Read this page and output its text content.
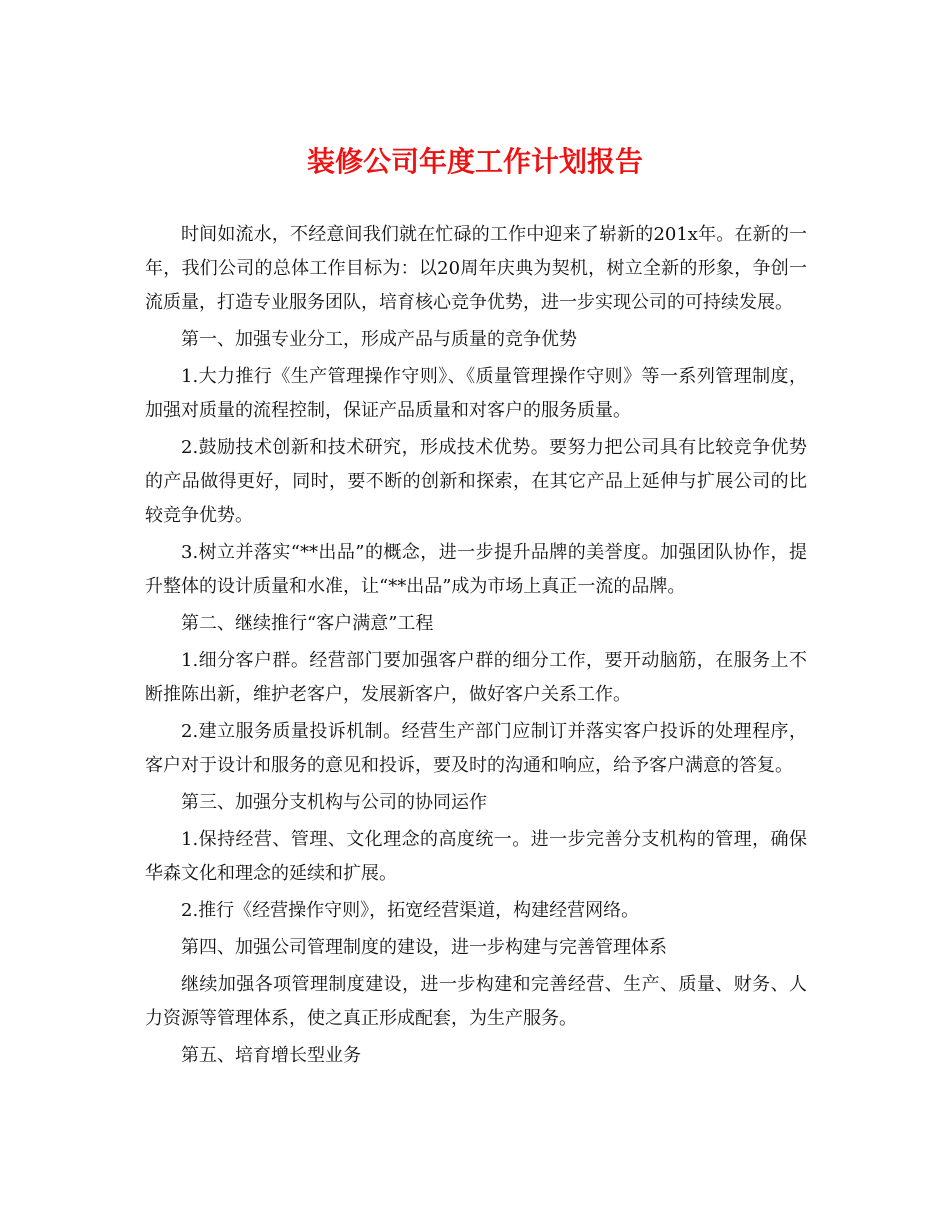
装修公司年度工作计划报告

时间如流水，不经意间我们就在忙碌的工作中迎来了崭新的201x年。在新的一年，我们公司的总体工作目标为：以20周年庆典为契机，树立全新的形象，争创一流质量，打造专业服务团队，培育核心竞争优势，进一步实现公司的可持续发展。

第一、加强专业分工，形成产品与质量的竞争优势

1.大力推行《生产管理操作守则》、《质量管理操作守则》等一系列管理制度，加强对质量的流程控制，保证产品质量和对客户的服务质量。

2.鼓励技术创新和技术研究，形成技术优势。要努力把公司具有比较竞争优势的产品做得更好，同时，要不断的创新和探索，在其它产品上延伸与扩展公司的比较竞争优势。

3.树立并落实“**出品”的概念，进一步提升品牌的美誉度。加强团队协作，提升整体的设计质量和水准，让“**出品”成为市场上真正一流的品牌。

第二、继续推行“客户满意”工程

1.细分客户群。经营部门要加强客户群的细分工作，要开动脑筋，在服务上不断推陈出新，维护老客户，发展新客户，做好客户关系工作。

2.建立服务质量投诉机制。经营生产部门应制订并落实客户投诉的处理程序，客户对于设计和服务的意见和投诉，要及时的沟通和响应，给予客户满意的答复。

第三、加强分支机构与公司的协同运作

1.保持经营、管理、文化理念的高度统一。进一步完善分支机构的管理，确保华森文化和理念的延续和扩展。

2.推行《经营操作守则》，拓宽经营渠道，构建经营网络。

第四、加强公司管理制度的建设，进一步构建与完善管理体系

继续加强各项管理制度建设，进一步构建和完善经营、生产、质量、财务、人力资源等管理体系，使之真正形成配套，为生产服务。

第五、培育增长型业务
